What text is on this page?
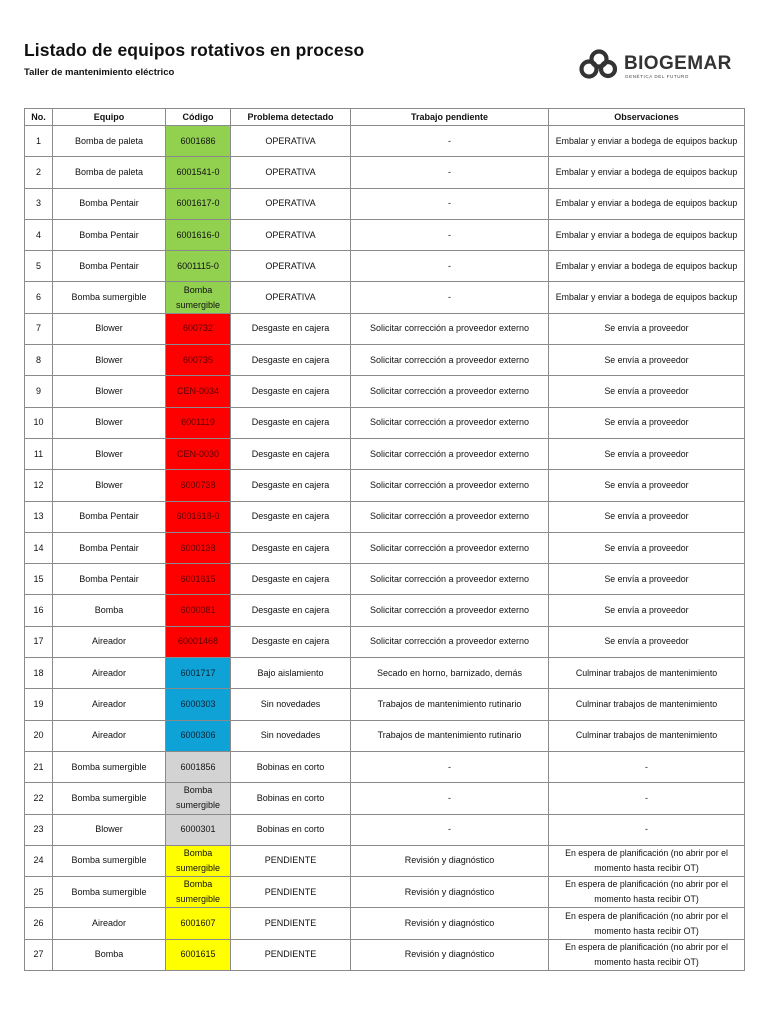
Listado de equipos rotativos en proceso
Taller de mantenimiento eléctrico	BIOGEMAR
GENÉTICA DEL FUTURO
No.	Equipo	Código	Problema detectado	Trabajo pendiente	Observaciones
1	Bomba de paleta	6001686	OPERATIVA	-	Embalar y enviar a bodega de equipos backup
2	Bomba de paleta	6001541-0	OPERATIVA	-	Embalar y enviar a bodega de equipos backup
3	Bomba Pentair	6001617-0	OPERATIVA	-	Embalar y enviar a bodega de equipos backup
4	Bomba Pentair	6001616-0	OPERATIVA	-	Embalar y enviar a bodega de equipos backup
5	Bomba Pentair	6001115-0	OPERATIVA	-	Embalar y enviar a bodega de equipos backup
6	Bomba sumergible	Bomba sumergible	OPERATIVA	-	Embalar y enviar a bodega de equipos backup
7	Blower	600732	Desgaste en cajera	Solicitar corrección a proveedor externo	Se envía a proveedor
8	Blower	600735	Desgaste en cajera	Solicitar corrección a proveedor externo	Se envía a proveedor
9	Blower	CEN-0034	Desgaste en cajera	Solicitar corrección a proveedor externo	Se envía a proveedor
10	Blower	6001119	Desgaste en cajera	Solicitar corrección a proveedor externo	Se envía a proveedor
11	Blower	CEN-0030	Desgaste en cajera	Solicitar corrección a proveedor externo	Se envía a proveedor
12	Blower	6000738	Desgaste en cajera	Solicitar corrección a proveedor externo	Se envía a proveedor
13	Bomba Pentair	6001618-0	Desgaste en cajera	Solicitar corrección a proveedor externo	Se envía a proveedor
14	Bomba Pentair	6000138	Desgaste en cajera	Solicitar corrección a proveedor externo	Se envía a proveedor
15	Bomba Pentair	6001615	Desgaste en cajera	Solicitar corrección a proveedor externo	Se envía a proveedor
16	Bomba	6000081	Desgaste en cajera	Solicitar corrección a proveedor externo	Se envía a proveedor
17	Aireador	60001468	Desgaste en cajera	Solicitar corrección a proveedor externo	Se envía a proveedor
18	Aireador	6001717	Bajo aislamiento	Secado en horno, barnizado, demás	Culminar trabajos de mantenimiento
19	Aireador	6000303	Sin novedades	Trabajos de mantenimiento rutinario	Culminar trabajos de mantenimiento
20	Aireador	6000306	Sin novedades	Trabajos de mantenimiento rutinario	Culminar trabajos de mantenimiento
21	Bomba sumergible	6001856	Bobinas en corto	-	-
22	Bomba sumergible	Bomba sumergible	Bobinas en corto	-	-
23	Blower	6000301	Bobinas en corto	-	-
24	Bomba sumergible	Bomba sumergible	PENDIENTE	Revisión y diagnóstico	En espera de planificación (no abrir por el momento hasta recibir OT)
25	Bomba sumergible	Bomba sumergible	PENDIENTE	Revisión y diagnóstico	En espera de planificación (no abrir por el momento hasta recibir OT)
26	Aireador	6001607	PENDIENTE	Revisión y diagnóstico	En espera de planificación (no abrir por el momento hasta recibir OT)
27	Bomba	6001615	PENDIENTE	Revisión y diagnóstico	En espera de planificación (no abrir por el momento hasta recibir OT)
